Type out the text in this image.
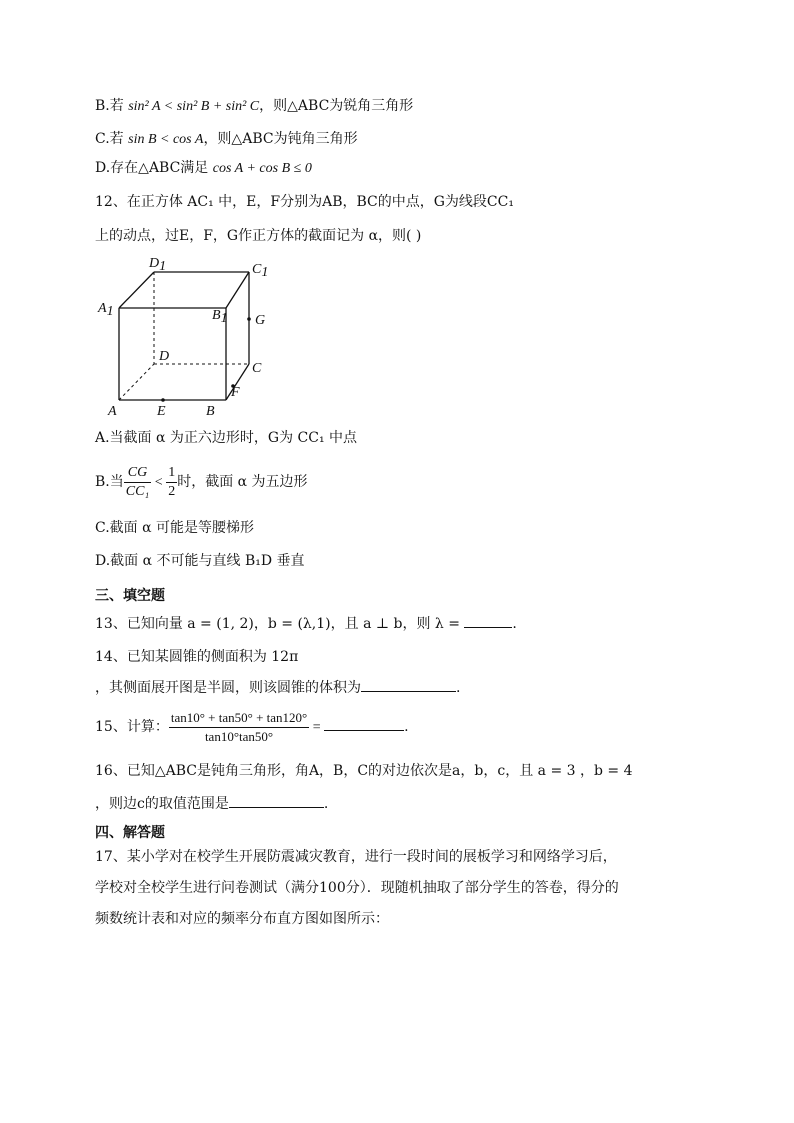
B.若 sin² A < sin² B + sin² C，则△ABC为锐角三角形
C.若 sin B < cos A，则△ABC为钝角三角形
D.存在△ABC满足 cos A + cos B ≤ 0
12、在正方体 AC₁ 中，E，F分别为AB，BC的中点，G为线段CC₁
上的动点，过E，F，G作正方体的截面记为 α，则( )
D1	C1
A1	B1 G
D
C
F
A	E	B
A.当截面 α 为正六边形时，G为 CC₁ 中点
B.当 $\frac{CG}{\text{CC₁}} < \frac{1}{2}$ 时，截面 α 为五边形
C.截面 α 可能是等腰梯形
D.截面 α 不可能与直线 B₁D 垂直
三、填空题
13、已知向量 a = (1, 2)，b = (λ,1)，且 a ⊥ b，则 λ =	.
14、已知某圆锥的侧面积为 12π
，其侧面展开图是半圆，则该圆锥的体积为	.
15、计算： $\frac{\tan 10^\circ + \tan 50^\circ + \tan 120^\circ}{\tan 10^\circ\tan 50^\circ}$ =	.
16、已知△ABC是钝角三角形，角A，B，C的对边依次是a，b，c，且 a = 3 ，b = 4
，则边c的取值范围是	.
四、解答题
17、某小学对在校学生开展防震减灾教育，进行一段时间的展板学习和网络学习后，
学校对全校学生进行问卷测试（满分100分）．现随机抽取了部分学生的答卷，得分的
频数统计表和对应的频率分布直方图如图所示：
